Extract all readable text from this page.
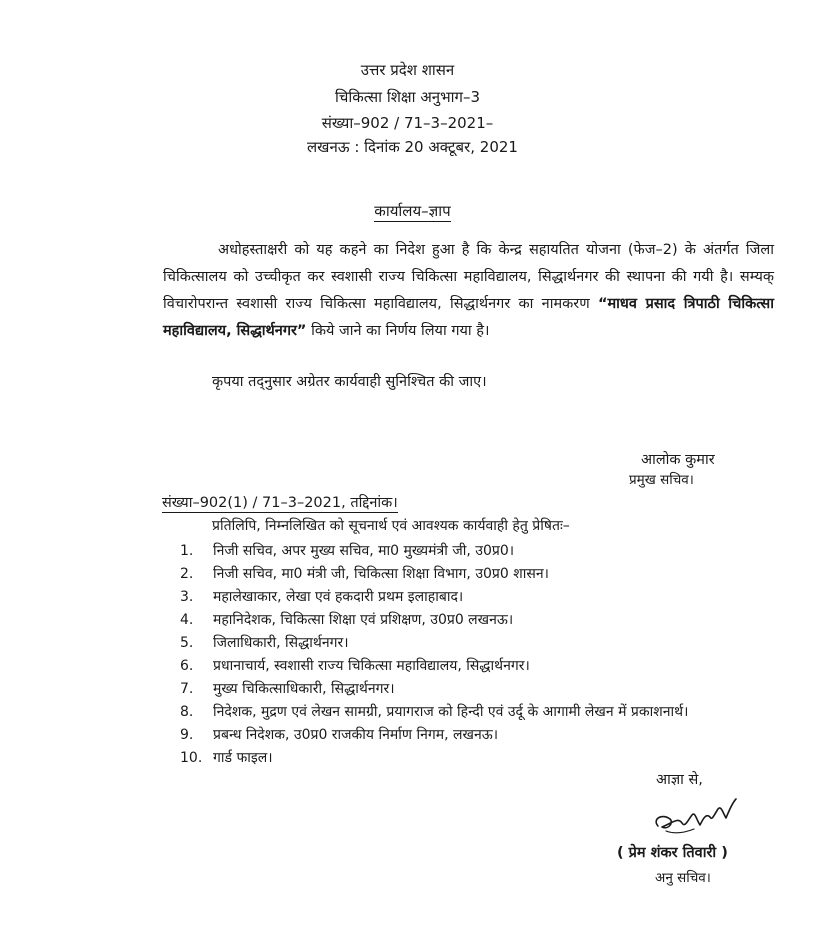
उत्तर प्रदेश शासन
चिकित्सा शिक्षा अनुभाग–3
संख्या–902 / 71–3–2021–
लखनऊ : दिनांक 20 अक्टूबर, 2021
कार्यालय–ज्ञाप
अधोहस्ताक्षरी को यह कहने का निदेश हुआ है कि केन्द्र सहायतित योजना (फेज–2) के अंतर्गत जिला चिकित्सालय को उच्चीकृत कर स्वशासी राज्य चिकित्सा महाविद्यालय, सिद्धार्थनगर की स्थापना की गयी है। सम्यक् विचारोपरान्त स्वशासी राज्य चिकित्सा महाविद्यालय, सिद्धार्थनगर का नामकरण “माधव प्रसाद त्रिपाठी चिकित्सा महाविद्यालय, सिद्धार्थनगर” किये जाने का निर्णय लिया गया है।
कृपया तद्नुसार अग्रेतर कार्यवाही सुनिश्चित की जाए।
आलोक कुमार
प्रमुख सचिव।
संख्या–902(1) / 71–3–2021, तद्दिनांक।
प्रतिलिपि, निम्नलिखित को सूचनार्थ एवं आवश्यक कार्यवाही हेतु प्रेषितः–
1.	निजी सचिव, अपर मुख्य सचिव, मा0 मुख्यमंत्री जी, उ0प्र0।
2.	निजी सचिव, मा0 मंत्री जी, चिकित्सा शिक्षा विभाग, उ0प्र0 शासन।
3.	महालेखाकार, लेखा एवं हकदारी प्रथम इलाहाबाद।
4.	महानिदेशक, चिकित्सा शिक्षा एवं प्रशिक्षण, उ0प्र0 लखनऊ।
5.	जिलाधिकारी, सिद्धार्थनगर।
6.	प्रधानाचार्य, स्वशासी राज्य चिकित्सा महाविद्यालय, सिद्धार्थनगर।
7.	मुख्य चिकित्साधिकारी, सिद्धार्थनगर।
8.	निदेशक, मुद्रण एवं लेखन सामग्री, प्रयागराज को हिन्दी एवं उर्दू के आगामी लेखन में प्रकाशनार्थ।
9.	प्रबन्ध निदेशक, उ0प्र0 राजकीय निर्माण निगम, लखनऊ।
10. गार्ड फाइल।
आज्ञा से,
( प्रेम शंकर तिवारी )
अनु सचिव।
